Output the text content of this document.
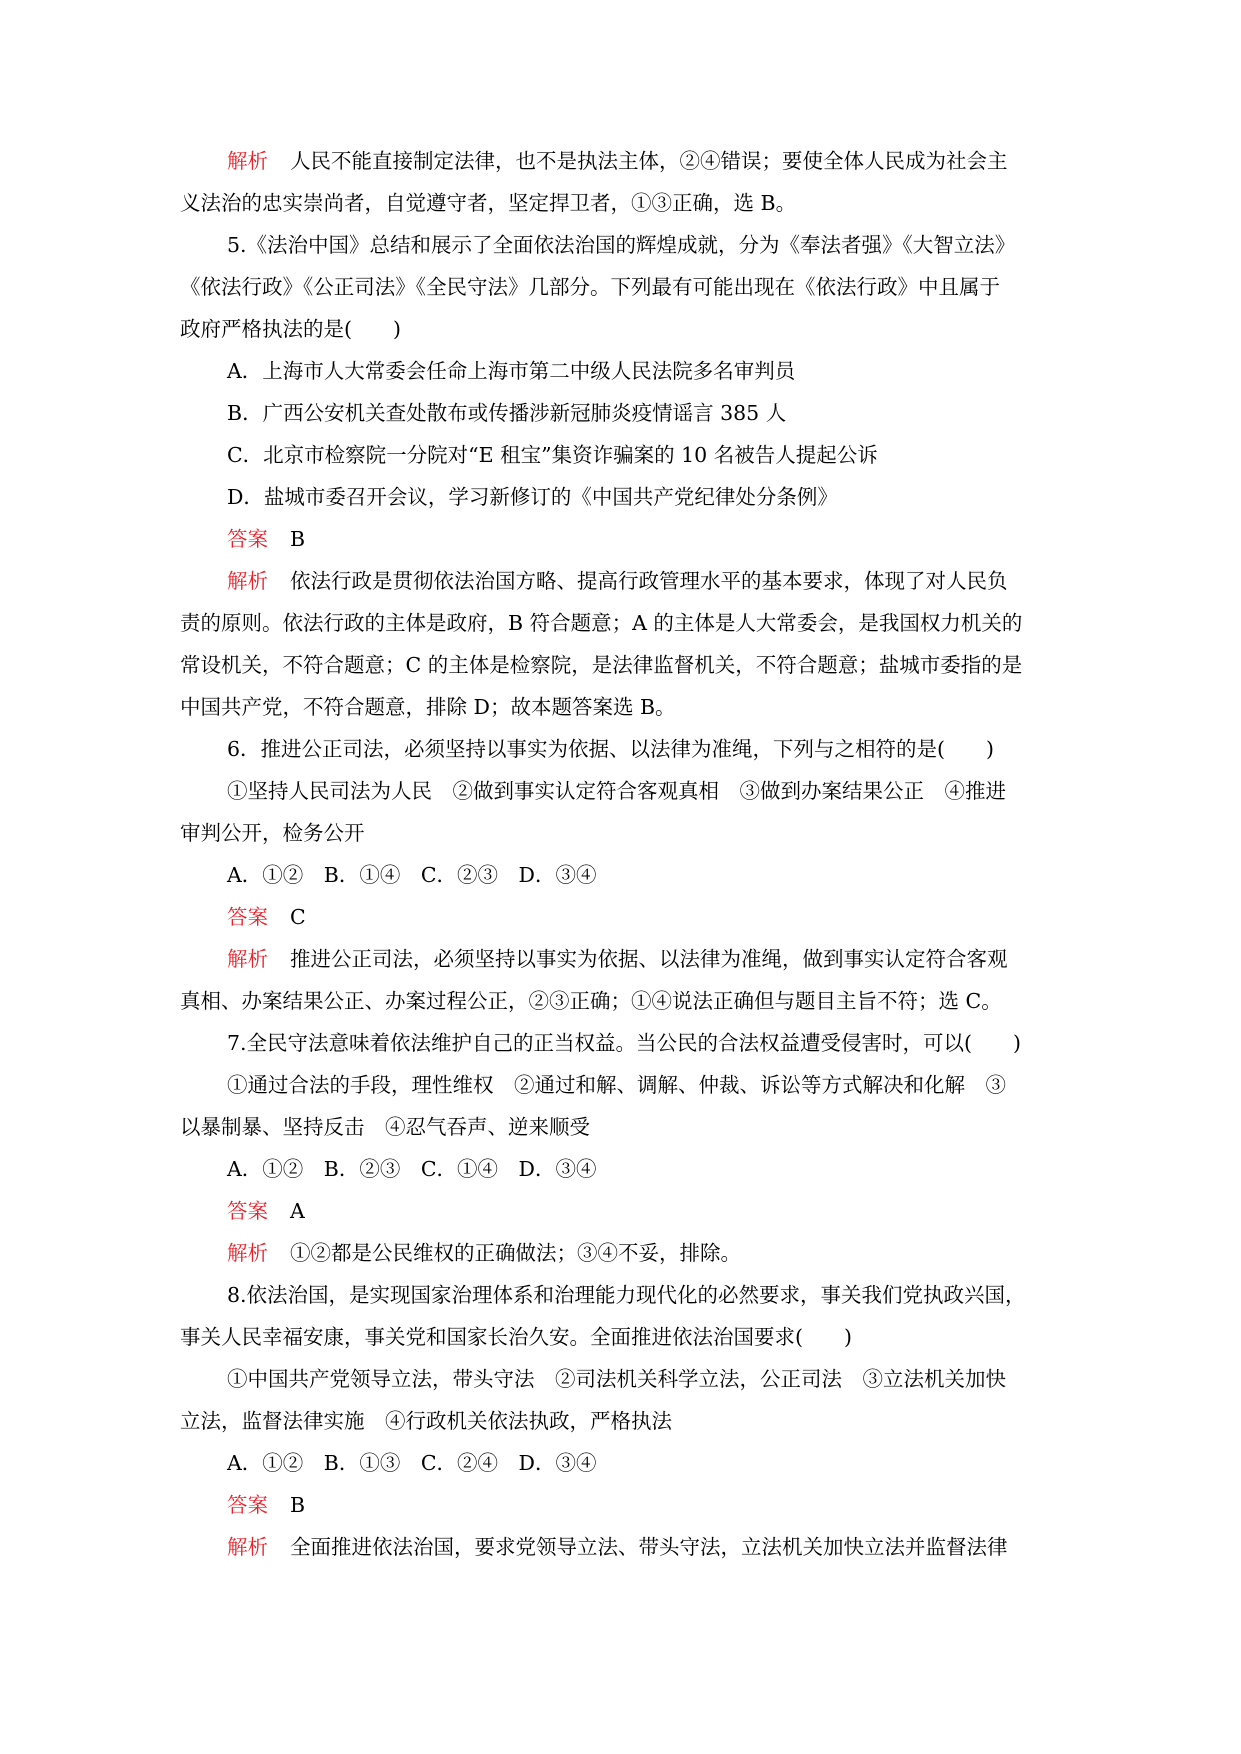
解析 人民不能直接制定法律，也不是执法主体，②④错误；要使全体人民成为社会主
义法治的忠实崇尚者，自觉遵守者，坚定捍卫者，①③正确，选 B。
5.《法治中国》总结和展示了全面依法治国的辉煌成就，分为《奉法者强》《大智立法》
《依法行政》《公正司法》《全民守法》几部分。下列最有可能出现在《依法行政》中且属于
政府严格执法的是(　　)
A．上海市人大常委会任命上海市第二中级人民法院多名审判员
B．广西公安机关查处散布或传播涉新冠肺炎疫情谣言 385 人
C．北京市检察院一分院对“E 租宝”集资诈骗案的 10 名被告人提起公诉
D．盐城市委召开会议，学习新修订的《中国共产党纪律处分条例》
答案 B
解析 依法行政是贯彻依法治国方略、提高行政管理水平的基本要求，体现了对人民负
责的原则。依法行政的主体是政府，B 符合题意；A 的主体是人大常委会，是我国权力机关的
常设机关，不符合题意；C 的主体是检察院，是法律监督机关，不符合题意；盐城市委指的是
中国共产党，不符合题意，排除 D；故本题答案选 B。
6．推进公正司法，必须坚持以事实为依据、以法律为准绳，下列与之相符的是(　　)
①坚持人民司法为人民　②做到事实认定符合客观真相　③做到办案结果公正　④推进
审判公开，检务公开
A．①②　B．①④　C．②③　D．③④
答案 C
解析 推进公正司法，必须坚持以事实为依据、以法律为准绳，做到事实认定符合客观
真相、办案结果公正、办案过程公正，②③正确；①④说法正确但与题目主旨不符；选 C。
7.全民守法意味着依法维护自己的正当权益。当公民的合法权益遭受侵害时，可以(　　)
①通过合法的手段，理性维权　②通过和解、调解、仲裁、诉讼等方式解决和化解　③
以暴制暴、坚持反击　④忍气吞声、逆来顺受
A．①②　B．②③　C．①④　D．③④
答案 A
解析 ①②都是公民维权的正确做法；③④不妥，排除。
8.依法治国，是实现国家治理体系和治理能力现代化的必然要求，事关我们党执政兴国，
事关人民幸福安康，事关党和国家长治久安。全面推进依法治国要求(　　)
①中国共产党领导立法，带头守法　②司法机关科学立法，公正司法　③立法机关加快
立法，监督法律实施　④行政机关依法执政，严格执法
A．①②　B．①③　C．②④　D．③④
答案 B
解析 全面推进依法治国，要求党领导立法、带头守法，立法机关加快立法并监督法律
